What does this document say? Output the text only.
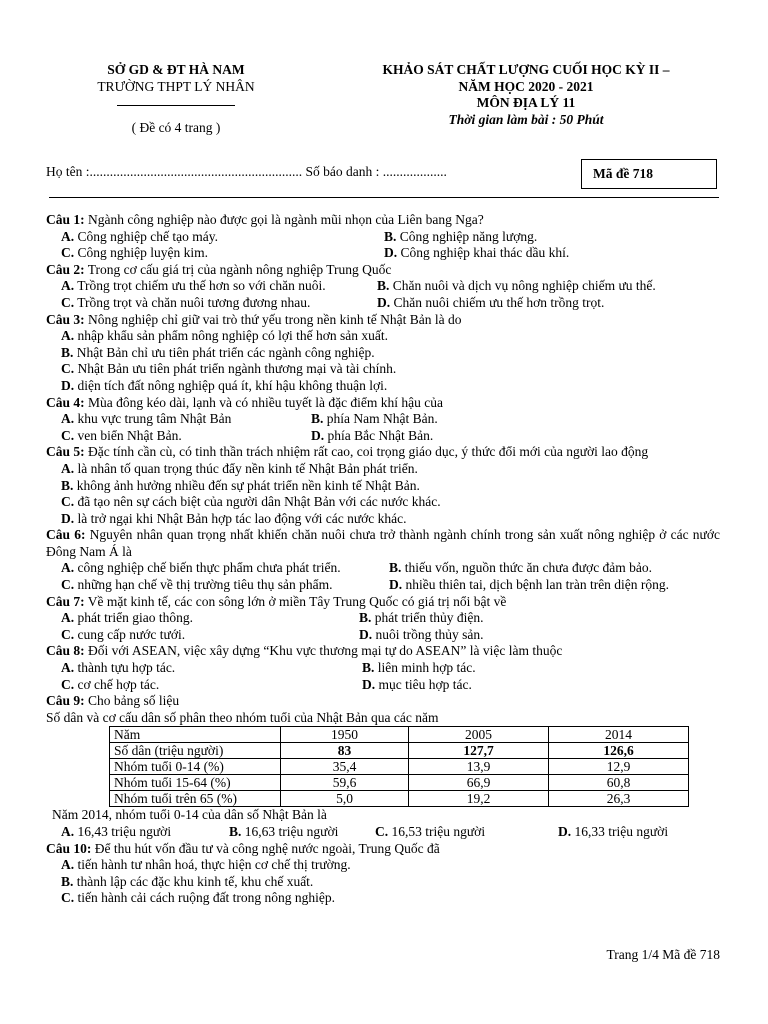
SỞ GD & ĐT HÀ NAM
TRƯỜNG THPT LÝ NHÂN
( Đề có 4 trang )
KHẢO SÁT CHẤT LƯỢNG CUỐI HỌC KỲ II –
NĂM HỌC 2020 - 2021
MÔN ĐỊA LÝ 11
Thời gian làm bài : 50 Phút
Họ tên :............................................................... Số báo danh : ...................	Mã đề 718
Câu 1: Ngành công nghiệp nào được gọi là ngành mũi nhọn của Liên bang Nga?
A. Công nghiệp chế tạo máy.	B. Công nghiệp năng lượng.
C. Công nghiệp luyện kim.	D. Công nghiệp khai thác dầu khí.
Câu 2: Trong cơ cấu giá trị của ngành nông nghiệp Trung Quốc
A. Trồng trọt chiếm ưu thế hơn so với chăn nuôi.	B. Chăn nuôi và dịch vụ nông nghiệp chiếm ưu thế.
C. Trồng trọt và chăn nuôi tương đương nhau.	D. Chăn nuôi chiếm ưu thế hơn trồng trọt.
Câu 3: Nông nghiệp chỉ giữ vai trò thứ yếu trong nền kinh tế Nhật Bản là do
A. nhập khẩu sản phẩm nông nghiệp có lợi thế hơn sản xuất.
B. Nhật Bản chỉ ưu tiên phát triển các ngành công nghiệp.
C. Nhật Bản ưu tiên phát triển ngành thương mại và tài chính.
D. diện tích đất nông nghiệp quá ít, khí hậu không thuận lợi.
Câu 4: Mùa đông kéo dài, lạnh và có nhiều tuyết là đặc điểm khí hậu của
A. khu vực trung tâm Nhật Bản	B. phía Nam Nhật Bản.
C. ven biển Nhật Bản.	D. phía Bắc Nhật Bản.
Câu 5: Đặc tính cần cù, có tinh thần trách nhiệm rất cao, coi trọng giáo dục, ý thức đổi mới của người lao động
A. là nhân tố quan trọng thúc đẩy nền kinh tế Nhật Bản phát triển.
B. không ảnh hưởng nhiều đến sự phát triển nền kinh tế Nhật Bản.
C. đã tạo nên sự cách biệt của người dân Nhật Bản với các nước khác.
D. là trở ngại khi Nhật Bản hợp tác lao động với các nước khác.
Câu 6: Nguyên nhân quan trọng nhất khiến chăn nuôi chưa trở thành ngành chính trong sản xuất nông nghiệp ở các nước Đông Nam Á là
A. công nghiệp chế biến thực phẩm chưa phát triển.	B. thiếu vốn, nguồn thức ăn chưa được đảm bảo.
C. những hạn chế về thị trường tiêu thụ sản phẩm.	D. nhiều thiên tai, dịch bệnh lan tràn trên diện rộng.
Câu 7: Về mặt kinh tế, các con sông lớn ở miền Tây Trung Quốc có giá trị nổi bật về
A. phát triển giao thông.	B. phát triển thủy điện.
C. cung cấp nước tưới.	D. nuôi trồng thủy sản.
Câu 8: Đối với ASEAN, việc xây dựng “Khu vực thương mại tự do ASEAN” là việc làm thuộc
A. thành tựu hợp tác.	B. liên minh hợp tác.
C. cơ chế hợp tác.	D. mục tiêu hợp tác.
Câu 9: Cho bảng số liệu
Số dân và cơ cấu dân số phân theo nhóm tuổi của Nhật Bản qua các năm
Năm	1950	2005	2014
Số dân (triệu người)	83	127,7	126,6
Nhóm tuổi 0-14 (%)	35,4	13,9	12,9
Nhóm tuổi 15-64 (%)	59,6	66,9	60,8
Nhóm tuổi trên 65 (%)	5,0	19,2	26,3
Năm 2014, nhóm tuổi 0-14 của dân số Nhật Bản là
A. 16,43 triệu người	B. 16,63 triệu người	C. 16,53 triệu người	D. 16,33 triệu người
Câu 10: Để thu hút vốn đầu tư và công nghệ nước ngoài, Trung Quốc đã
A. tiến hành tư nhân hoá, thực hiện cơ chế thị trường.
B. thành lập các đặc khu kinh tế, khu chế xuất.
C. tiến hành cải cách ruộng đất trong nông nghiệp.
Trang 1/4 Mã đề 718
